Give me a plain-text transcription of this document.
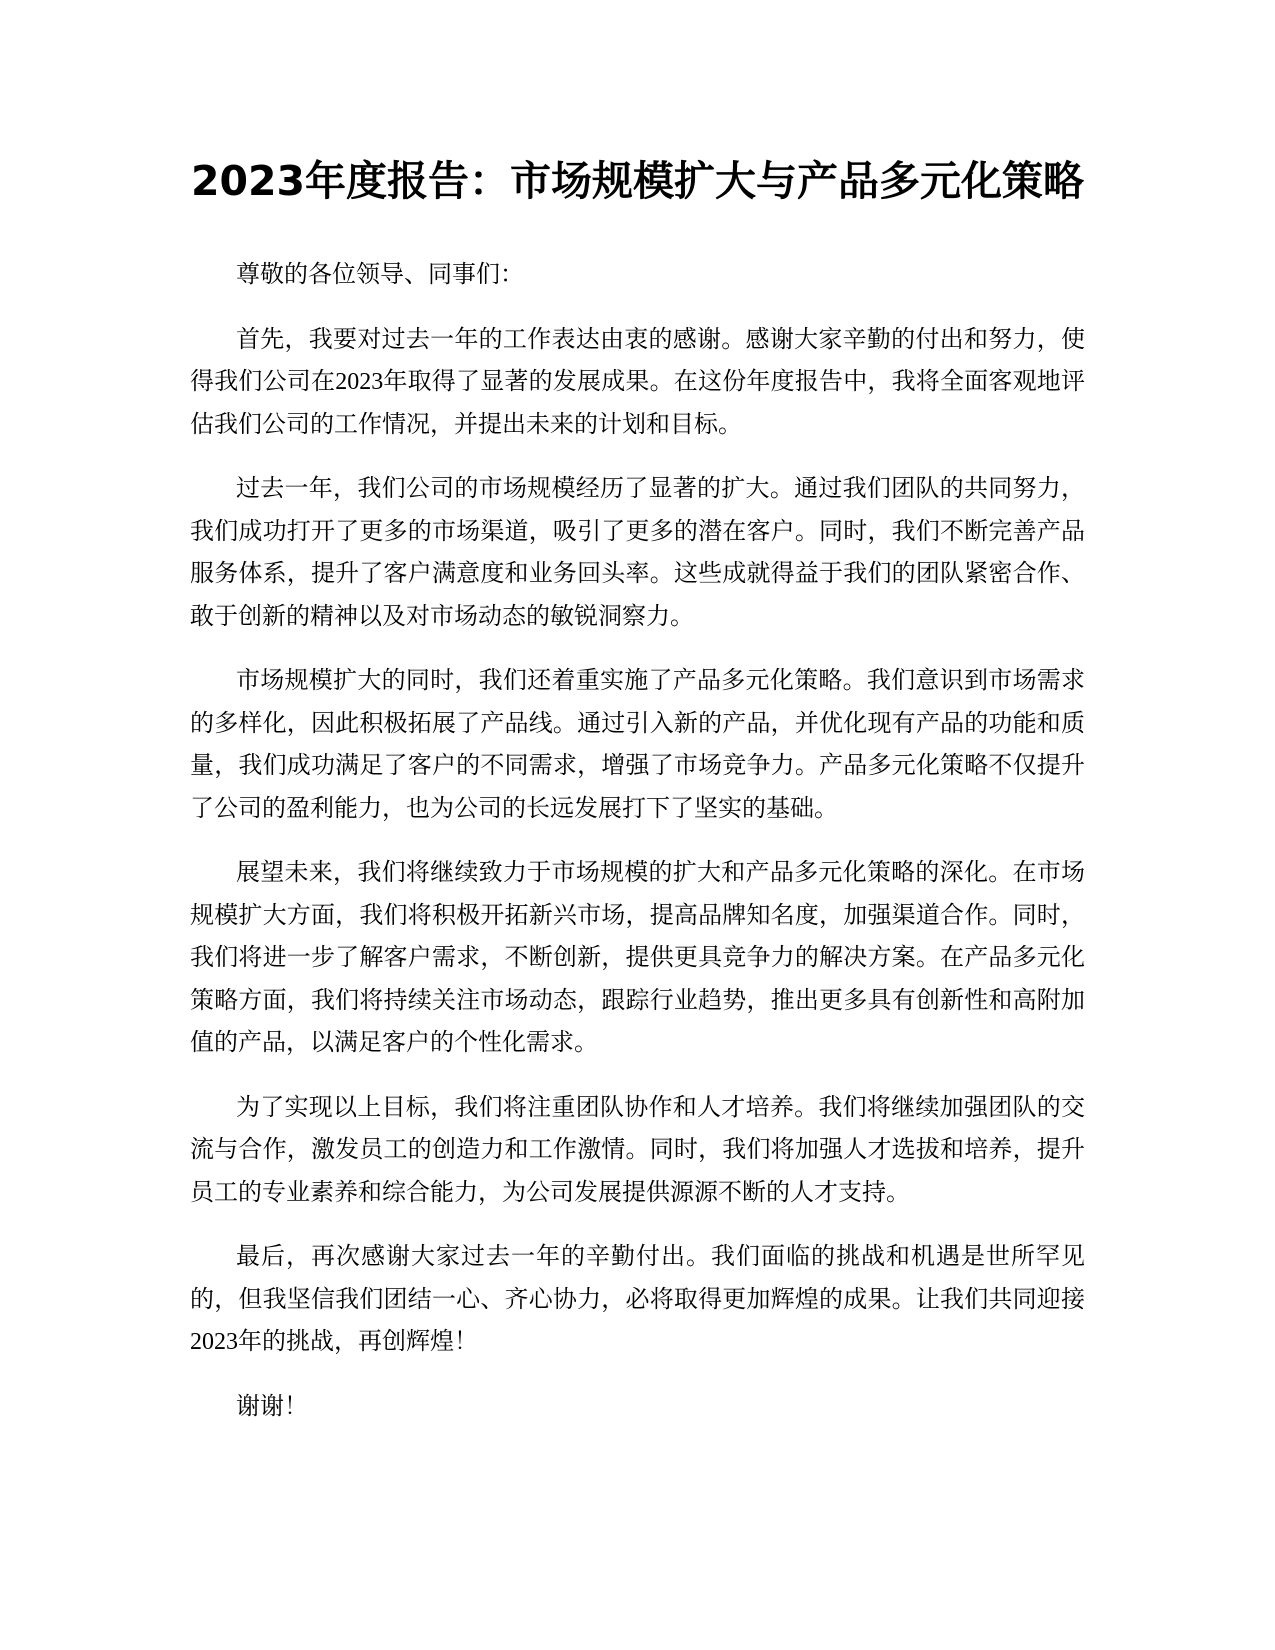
2023年度报告：市场规模扩大与产品多元化策略

尊敬的各位领导、同事们：

首先，我要对过去一年的工作表达由衷的感谢。感谢大家辛勤的付出和努力，使得我们公司在2023年取得了显著的发展成果。在这份年度报告中，我将全面客观地评估我们公司的工作情况，并提出未来的计划和目标。

过去一年，我们公司的市场规模经历了显著的扩大。通过我们团队的共同努力，我们成功打开了更多的市场渠道，吸引了更多的潜在客户。同时，我们不断完善产品服务体系，提升了客户满意度和业务回头率。这些成就得益于我们的团队紧密合作、敢于创新的精神以及对市场动态的敏锐洞察力。

市场规模扩大的同时，我们还着重实施了产品多元化策略。我们意识到市场需求的多样化，因此积极拓展了产品线。通过引入新的产品，并优化现有产品的功能和质量，我们成功满足了客户的不同需求，增强了市场竞争力。产品多元化策略不仅提升了公司的盈利能力，也为公司的长远发展打下了坚实的基础。

展望未来，我们将继续致力于市场规模的扩大和产品多元化策略的深化。在市场规模扩大方面，我们将积极开拓新兴市场，提高品牌知名度，加强渠道合作。同时，我们将进一步了解客户需求，不断创新，提供更具竞争力的解决方案。在产品多元化策略方面，我们将持续关注市场动态，跟踪行业趋势，推出更多具有创新性和高附加值的产品，以满足客户的个性化需求。

为了实现以上目标，我们将注重团队协作和人才培养。我们将继续加强团队的交流与合作，激发员工的创造力和工作激情。同时，我们将加强人才选拔和培养，提升员工的专业素养和综合能力，为公司发展提供源源不断的人才支持。

最后，再次感谢大家过去一年的辛勤付出。我们面临的挑战和机遇是世所罕见的，但我坚信我们团结一心、齐心协力，必将取得更加辉煌的成果。让我们共同迎接2023年的挑战，再创辉煌！

谢谢！
